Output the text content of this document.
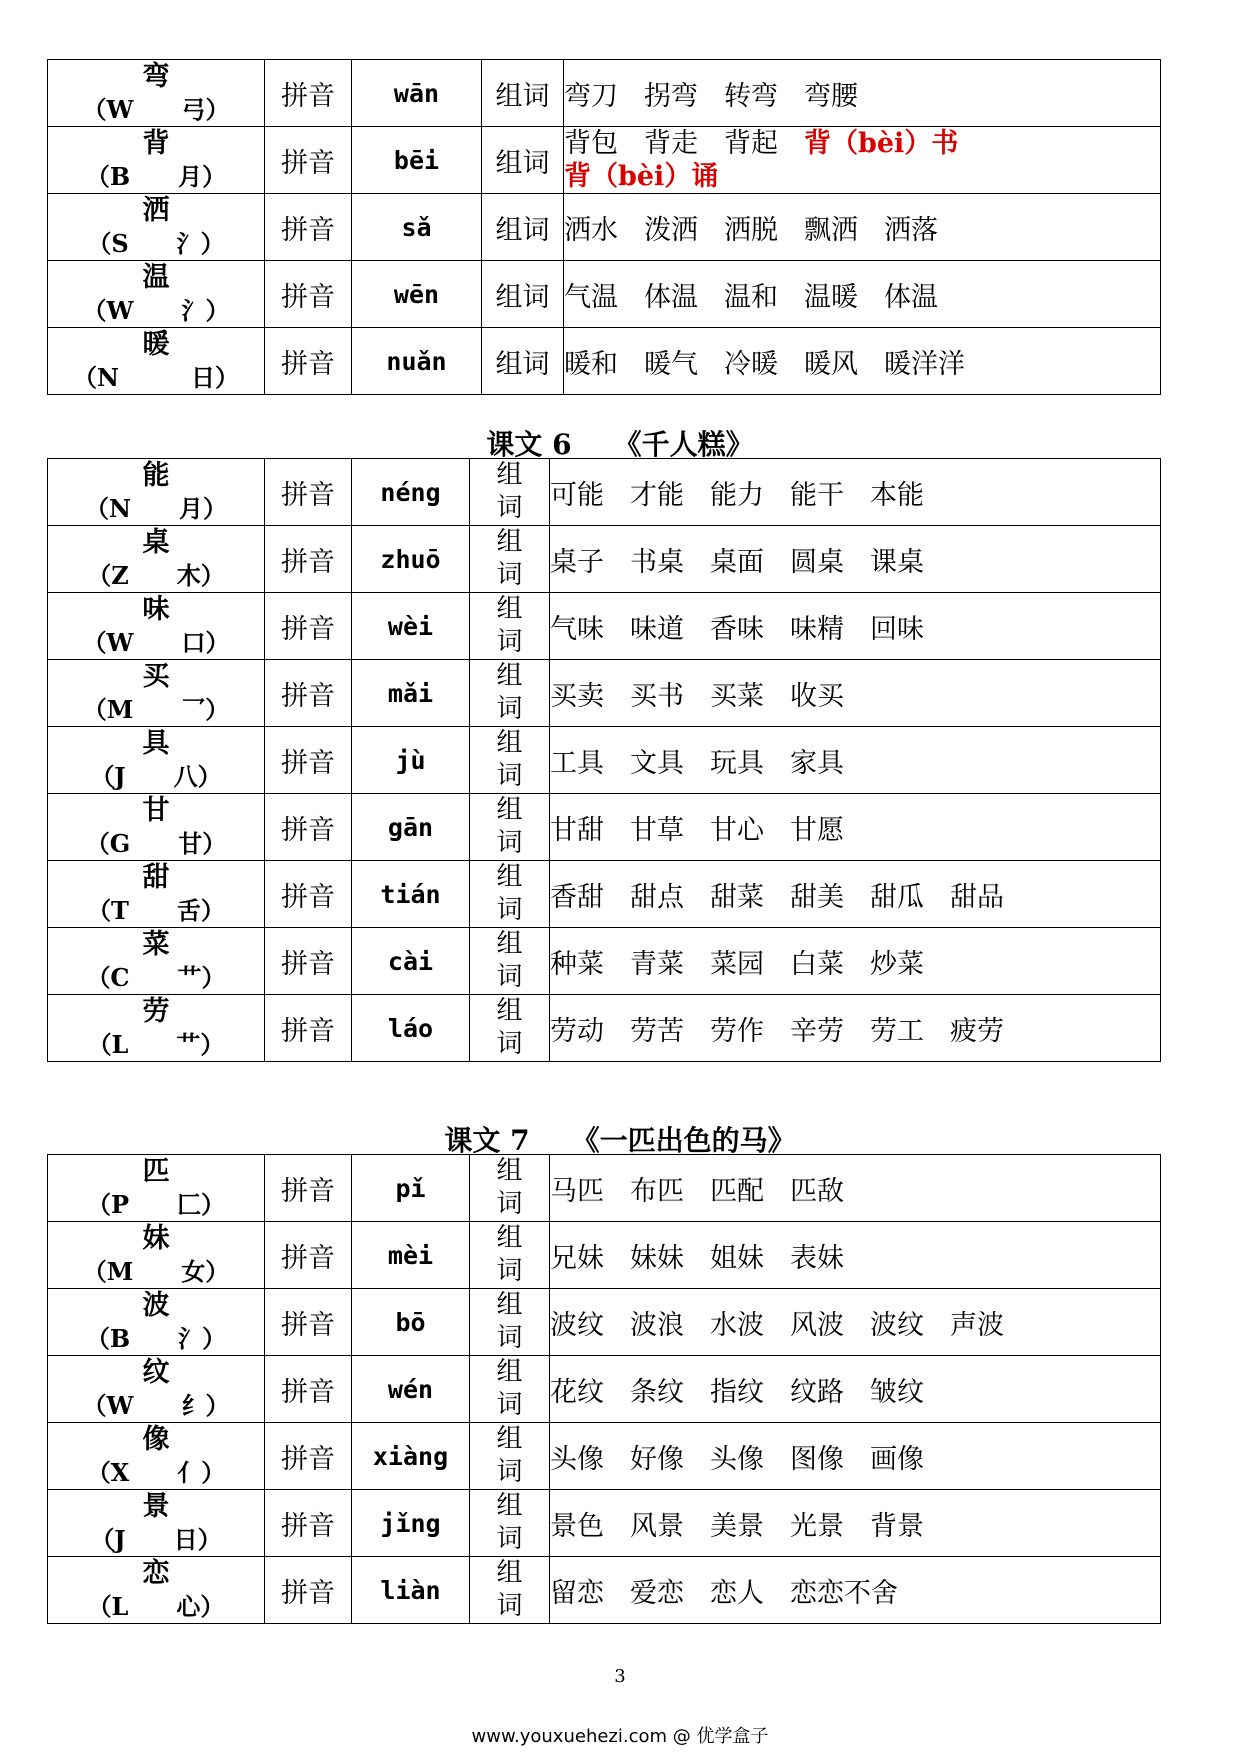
弯
（W　　弓）	拼音	wān	组词	弯刀 拐弯 转弯 弯腰

背
（B　　月）	拼音	bēi	组词	背包 背走 背起 背（bèi）书背（bèi）诵

洒
（S　　氵）	拼音	sǎ	组词	洒水 泼洒 洒脱 飘洒 洒落

温
（W　　氵）	拼音	wēn	组词	气温 体温 温和 温暖 体温

暖
（N　　　日）	拼音	nuǎn	组词	暖和 暖气 冷暖 暖风 暖洋洋
课文 6　　《千人糕》
能
（N　　月）	拼音	néng	组
词	可能 才能 能力 能干 本能

桌
（Z　　木）	拼音	zhuō	组
词	桌子 书桌 桌面 圆桌 课桌

味
（W　　口）	拼音	wèi	组
词	气味 味道 香味 味精 回味

买
（M　　乛）	拼音	mǎi	组
词	买卖 买书 买菜 收买

具
（J　　八）	拼音	jù	组
词	工具 文具 玩具 家具

甘
（G　　甘）	拼音	gān	组
词	甘甜 甘草 甘心 甘愿

甜
（T　　舌）	拼音	tián	组
词	香甜 甜点 甜菜 甜美 甜瓜 甜品

菜
（C　　艹）	拼音	cài	组
词	种菜 青菜 菜园 白菜 炒菜

劳
（L　　艹）	拼音	láo	组
词	劳动 劳苦 劳作 辛劳 劳工 疲劳
课文 7　　《一匹出色的马》
匹
（P　　匚）	拼音	pǐ	组
词	马匹 布匹 匹配 匹敌

妹
（M　　女）	拼音	mèi	组
词	兄妹 妹妹 姐妹 表妹

波
（B　　氵）	拼音	bō	组
词	波纹 波浪 水波 风波 波纹 声波

纹
（W　　纟）	拼音	wén	组
词	花纹 条纹 指纹 纹路 皱纹

像
（X　　亻）	拼音	xiàng	组
词	头像 好像 头像 图像 画像

景
（J　　日）	拼音	jǐng	组
词	景色 风景 美景 光景 背景

恋
（L　　心）	拼音	liàn	组
词	留恋 爱恋 恋人 恋恋不舍
3
www.youxuehezi.com @ 优学盒子
